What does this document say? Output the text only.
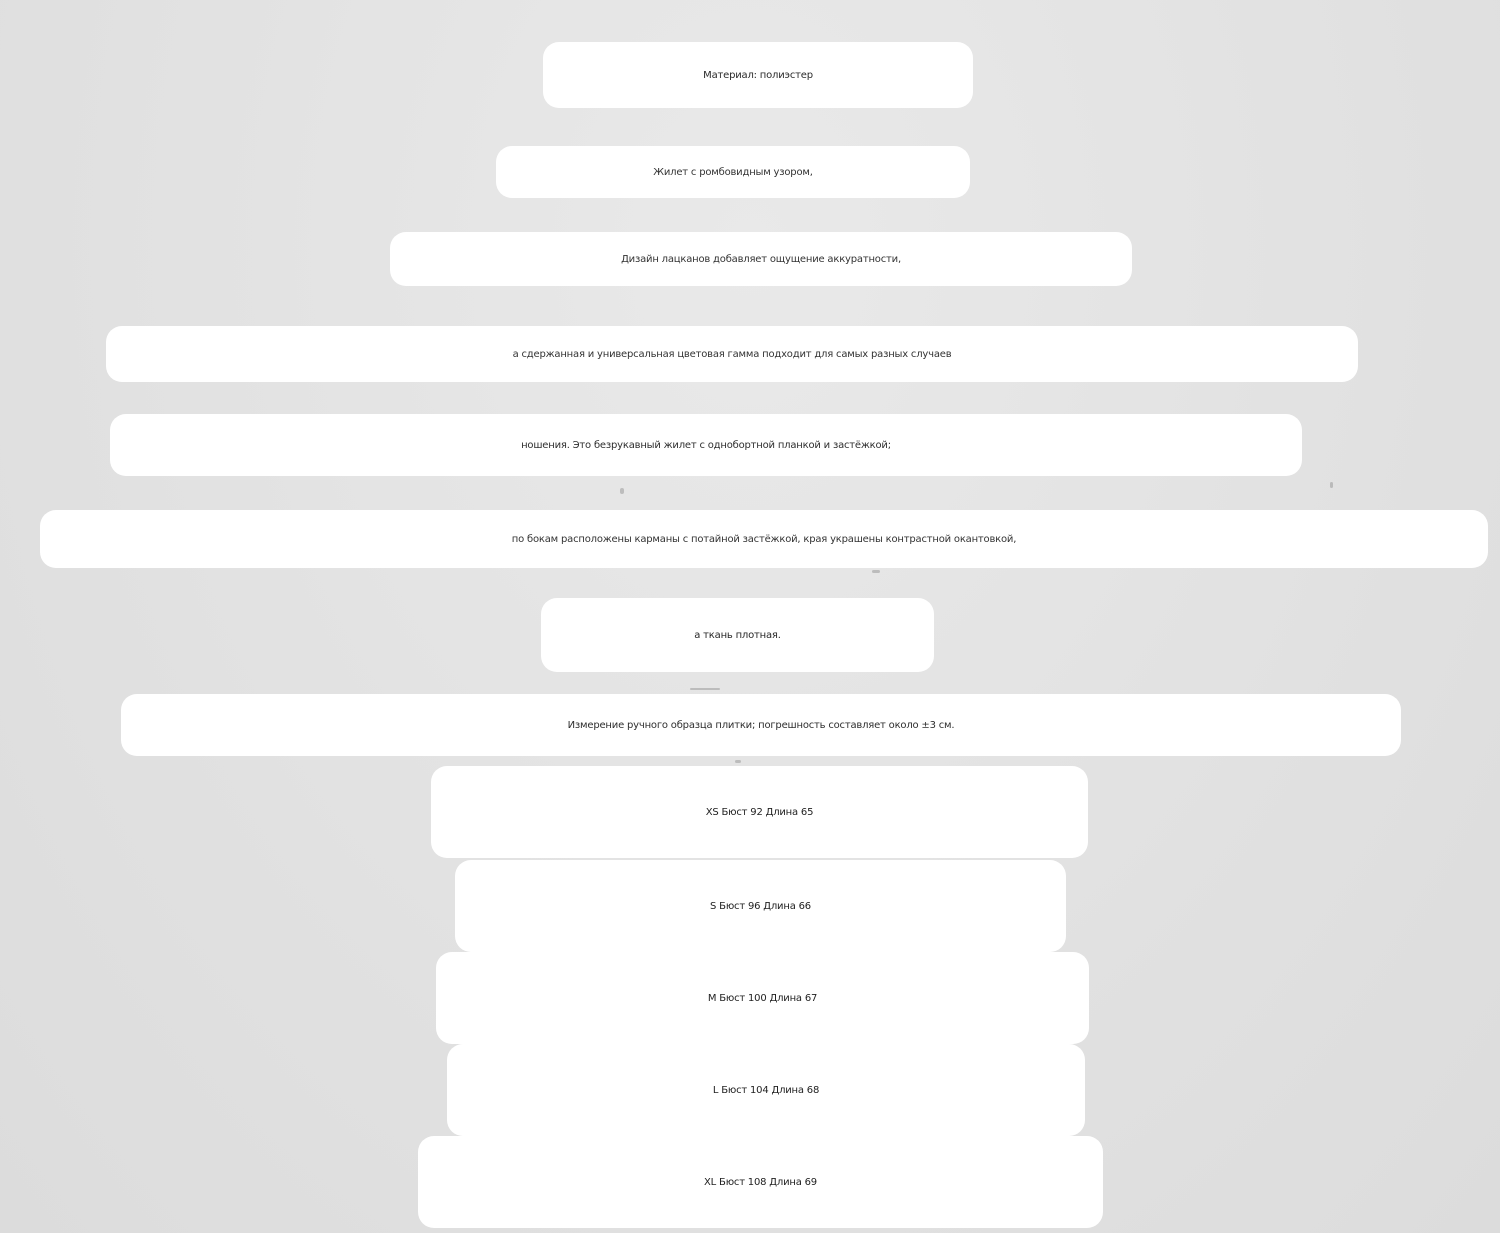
Материал: полиэстер
Жилет с ромбовидным узором,
Дизайн лацканов добавляет ощущение аккуратности,
а сдержанная и универсальная цветовая гамма подходит для самых разных случаев
ношения. Это безрукавный жилет с однобортной планкой и застёжкой;
по бокам расположены карманы с потайной застёжкой, края украшены контрастной окантовкой,
а ткань плотная.
Измерение ручного образца плитки; погрешность составляет около ±3 см.
XS Бюст 92 Длина 65
S Бюст 96 Длина 66
M Бюст 100 Длина 67
L Бюст 104 Длина 68
XL Бюст 108 Длина 69
